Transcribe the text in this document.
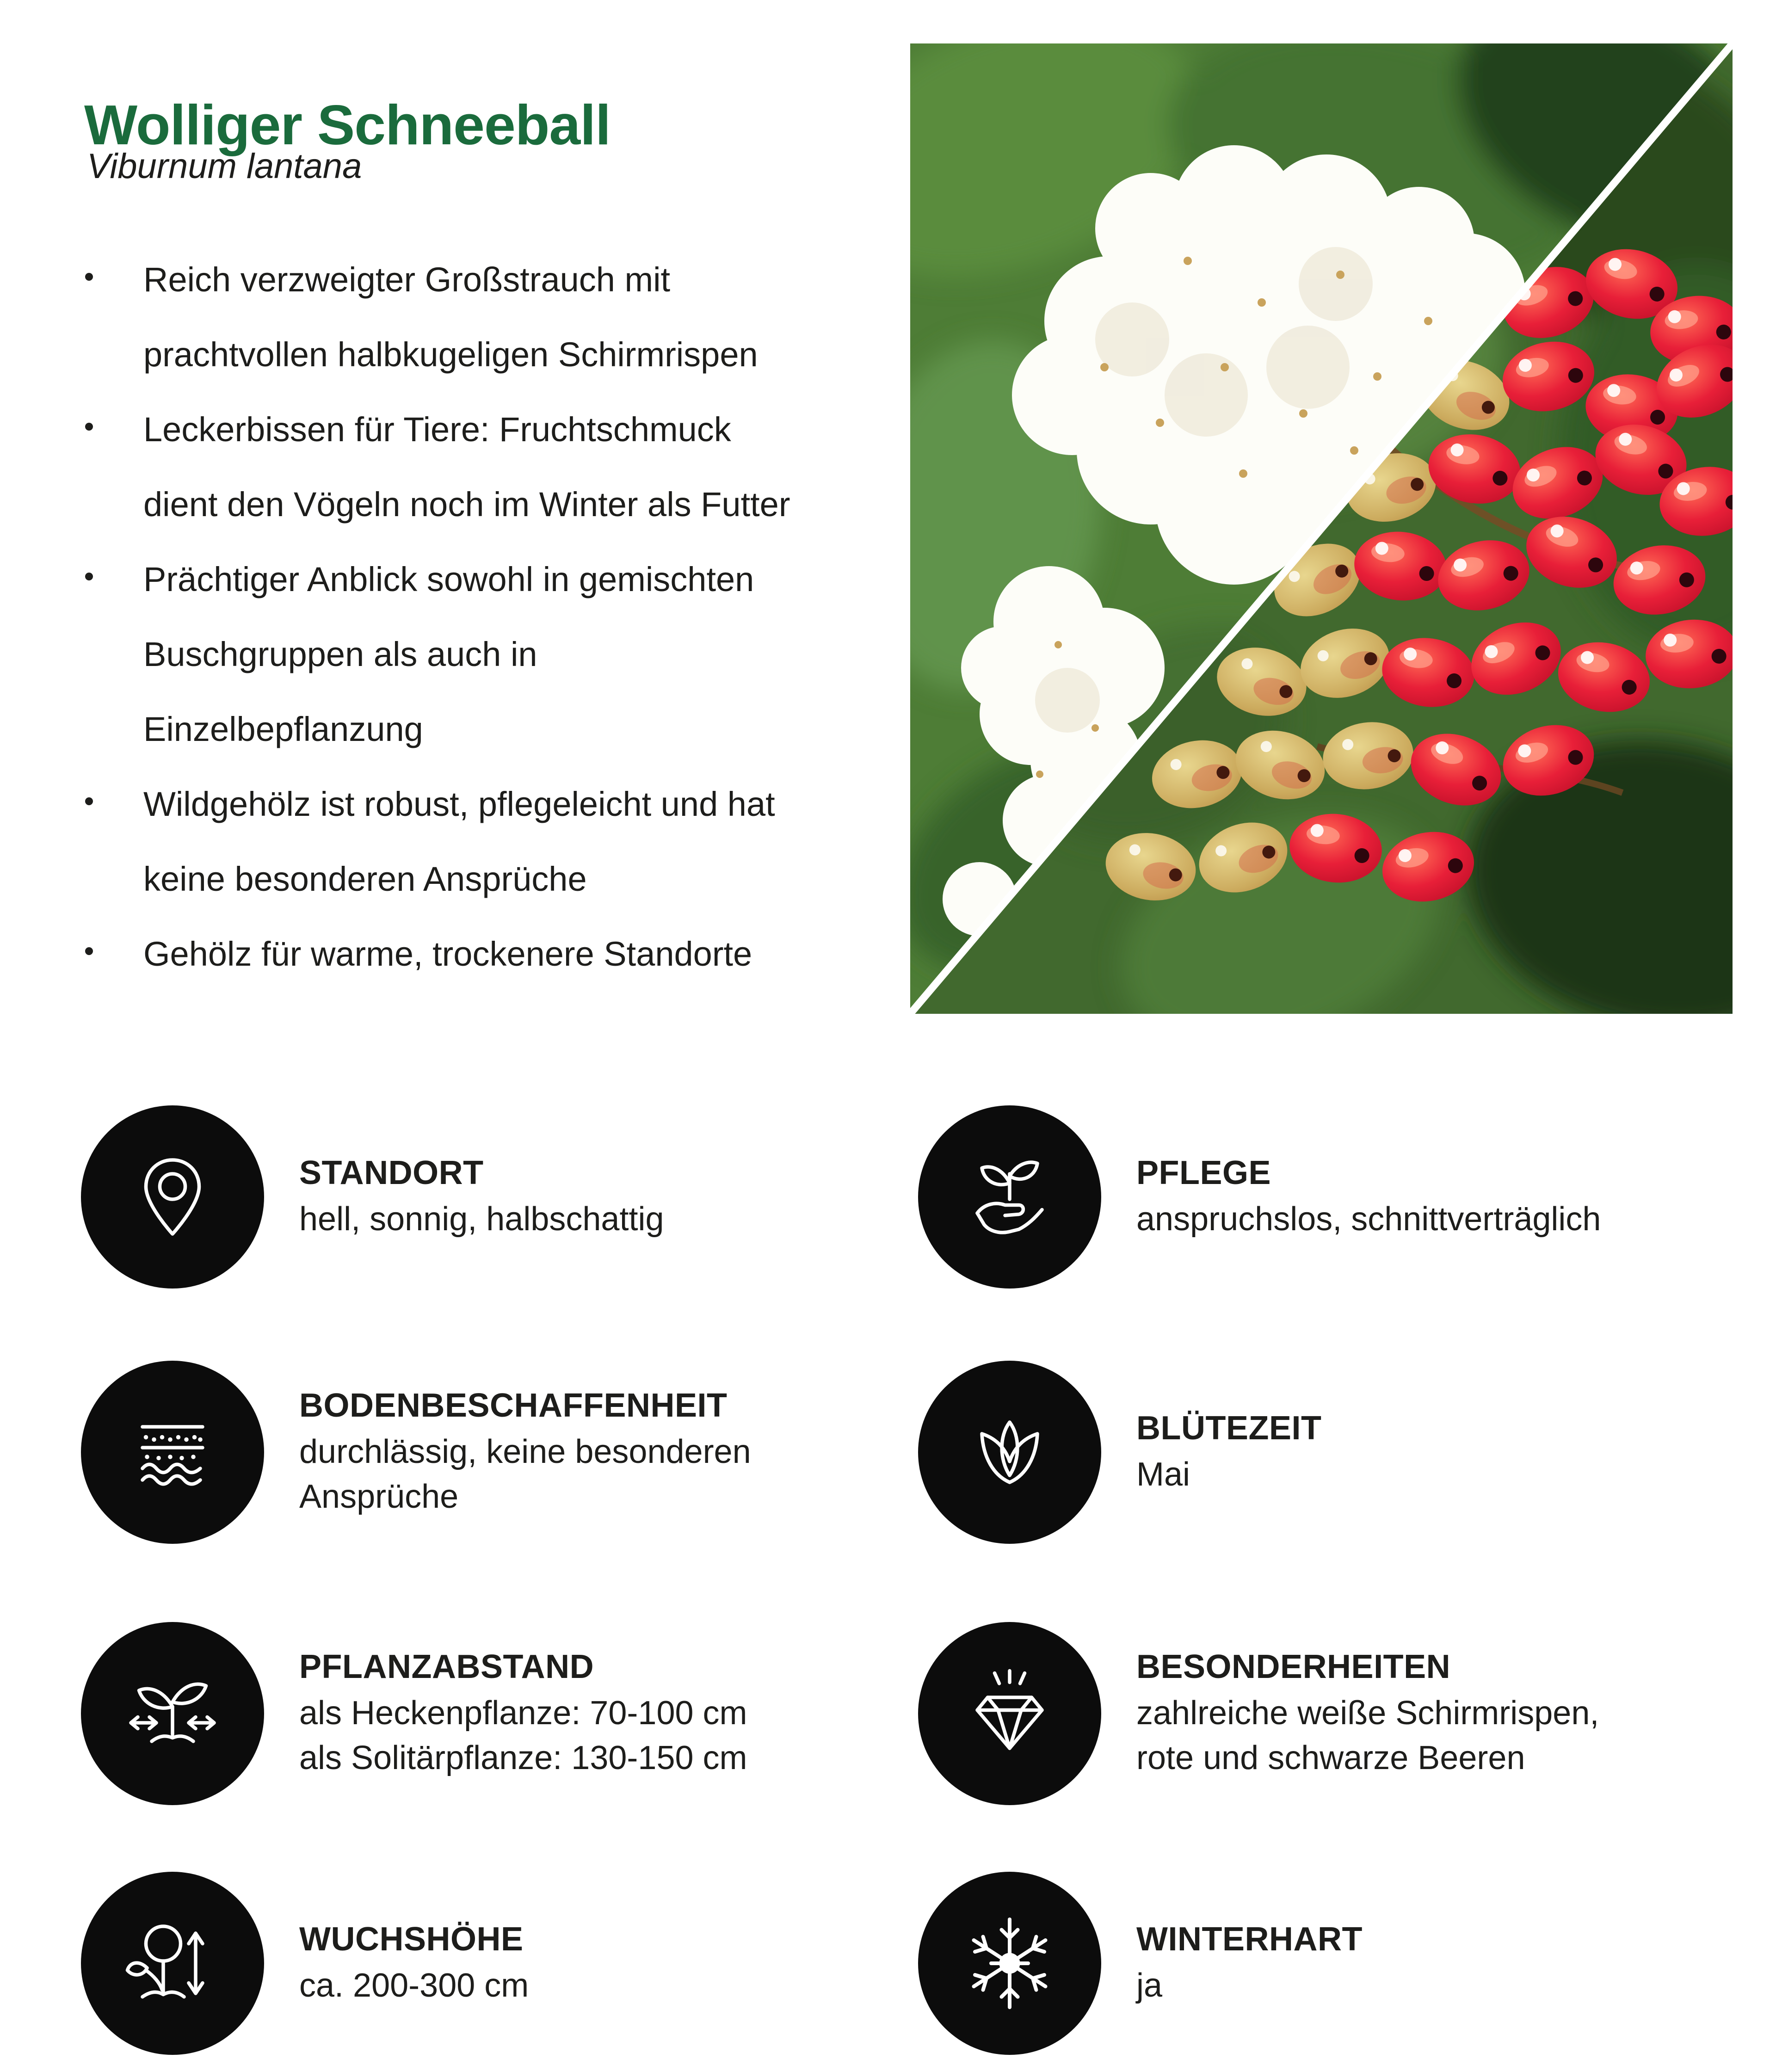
Wolliger Schneeball
Viburnum lantana
Reich verzweigter Großstrauch mit
prachtvollen halbkugeligen Schirmrispen
Leckerbissen für Tiere: Fruchtschmuck
dient den Vögeln noch im Winter als Futter
Prächtiger Anblick sowohl in gemischten
Buschgruppen als auch in
Einzelbepflanzung
Wildgehölz ist robust, pflegeleicht und hat
keine besonderen Ansprüche
Gehölz für warme, trockenere Standorte
STANDORT
hell, sonnig, halbschattig
PFLEGE
anspruchslos, schnittverträglich
BODENBESCHAFFENHEIT
durchlässig, keine besonderen
Ansprüche
BLÜTEZEIT
Mai
PFLANZABSTAND
als Heckenpflanze: 70-100 cm
als Solitärpflanze: 130-150 cm
BESONDERHEITEN
zahlreiche weiße Schirmrispen,
rote und schwarze Beeren
WUCHSHÖHE
ca. 200-300 cm
WINTERHART
ja
